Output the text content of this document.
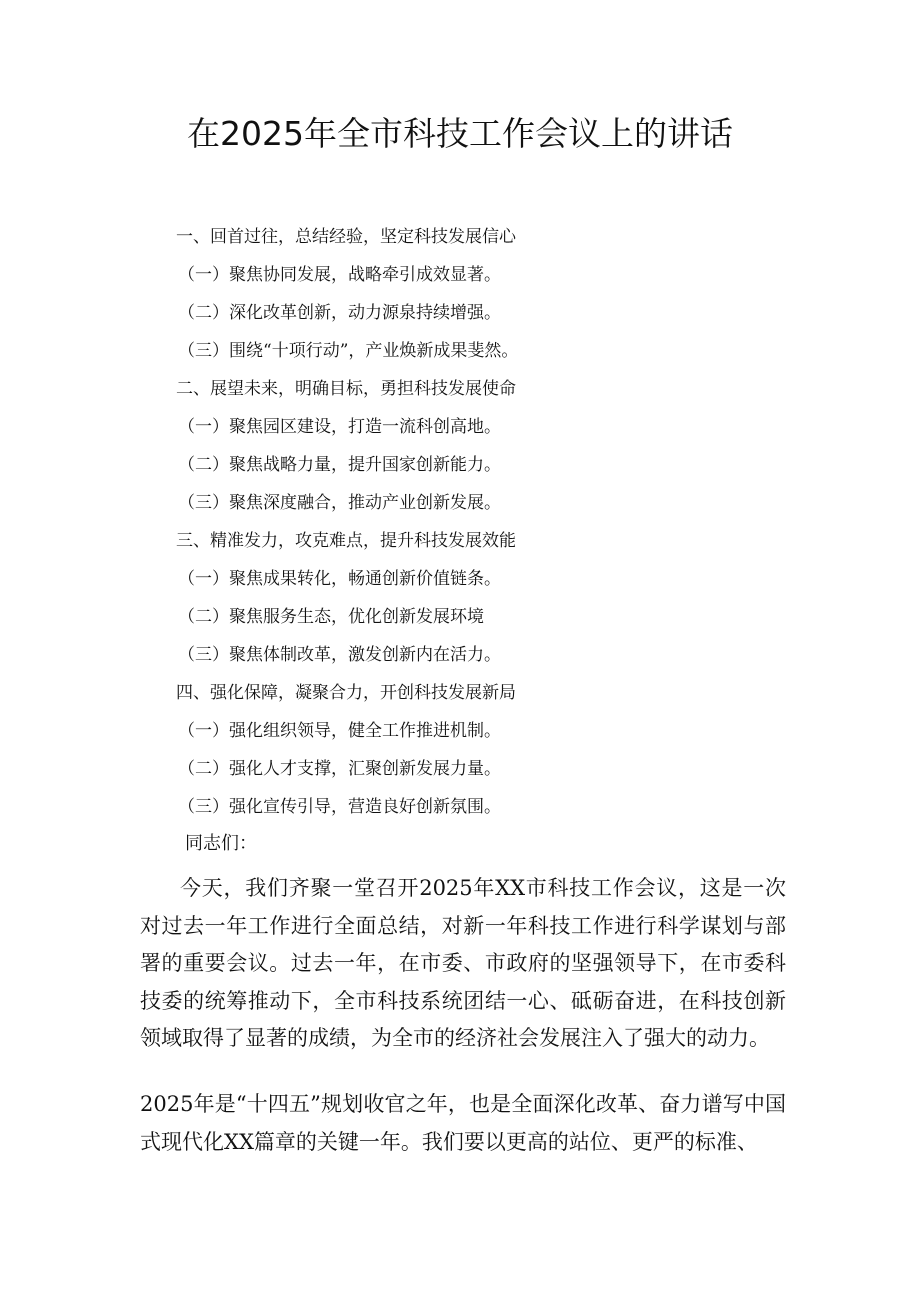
在2025年全市科技工作会议上的讲话
一、回首过往，总结经验，坚定科技发展信心
（一）聚焦协同发展，战略牵引成效显著。
（二）深化改革创新，动力源泉持续增强。
（三）围绕“十项行动”，产业焕新成果斐然。
二、展望未来，明确目标，勇担科技发展使命
（一）聚焦园区建设，打造一流科创高地。
（二）聚焦战略力量，提升国家创新能力。
（三）聚焦深度融合，推动产业创新发展。
三、精准发力，攻克难点，提升科技发展效能
（一）聚焦成果转化，畅通创新价值链条。
（二）聚焦服务生态，优化创新发展环境
（三）聚焦体制改革，激发创新内在活力。
四、强化保障，凝聚合力，开创科技发展新局
（一）强化组织领导，健全工作推进机制。
（二）强化人才支撑，汇聚创新发展力量。
（三）强化宣传引导，营造良好创新氛围。
同志们：

今天，我们齐聚一堂召开2025年XX市科技工作会议，这是一次对过去一年工作进行全面总结，对新一年科技工作进行科学谋划与部署的重要会议。过去一年，在市委、市政府的坚强领导下，在市委科技委的统筹推动下，全市科技系统团结一心、砥砺奋进，在科技创新领域取得了显著的成绩，为全市的经济社会发展注入了强大的动力。

2025年是“十四五”规划收官之年，也是全面深化改革、奋力谱写中国式现代化XX篇章的关键一年。我们要以更高的站位、更严的标准、
